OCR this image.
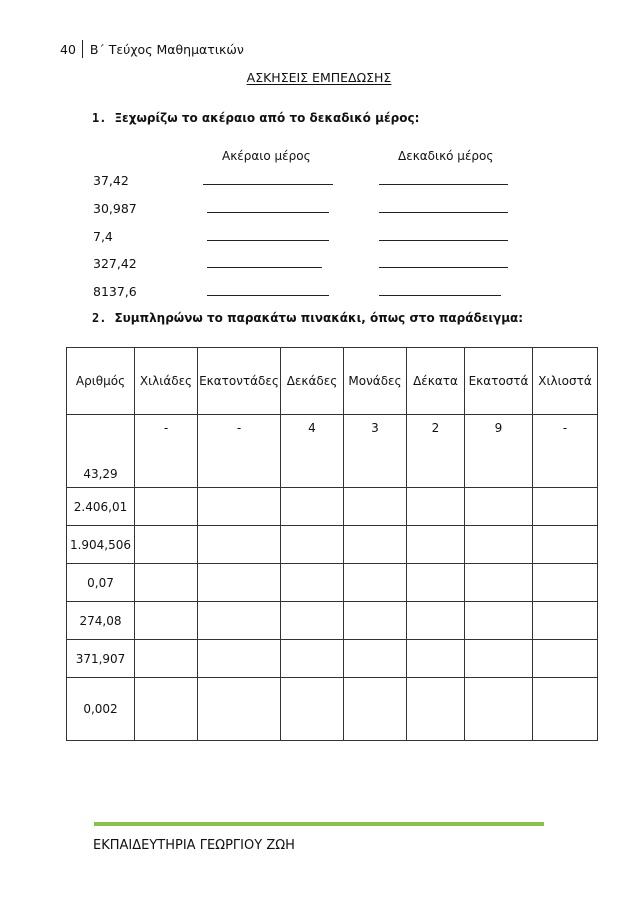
40	Β΄ Τεύχος Μαθηματικών
ΑΣΚΗΣΕΙΣ ΕΜΠΕΔΩΣΗΣ
1. Ξεχωρίζω το ακέραιο από το δεκαδικό μέρος:
Ακέραιο μέρος	Δεκαδικό μέρος
37,42
30,987
7,4
327,42
8137,6
2. Συμπληρώνω το παρακάτω πινακάκι, όπως στο παράδειγμα:
Αριθμός	Χιλιάδες	Εκατοντάδες	Δεκάδες	Μονάδες	Δέκατα	Εκατοστά	Χιλιοστά
43,29	-	-	4	3	2	9	-
2.406,01							
1.904,506							
0,07							
274,08							
371,907							
0,002							
ΕΚΠΑΙΔΕΥΤΗΡΙΑ ΓΕΩΡΓΙΟΥ ΖΩΗ
